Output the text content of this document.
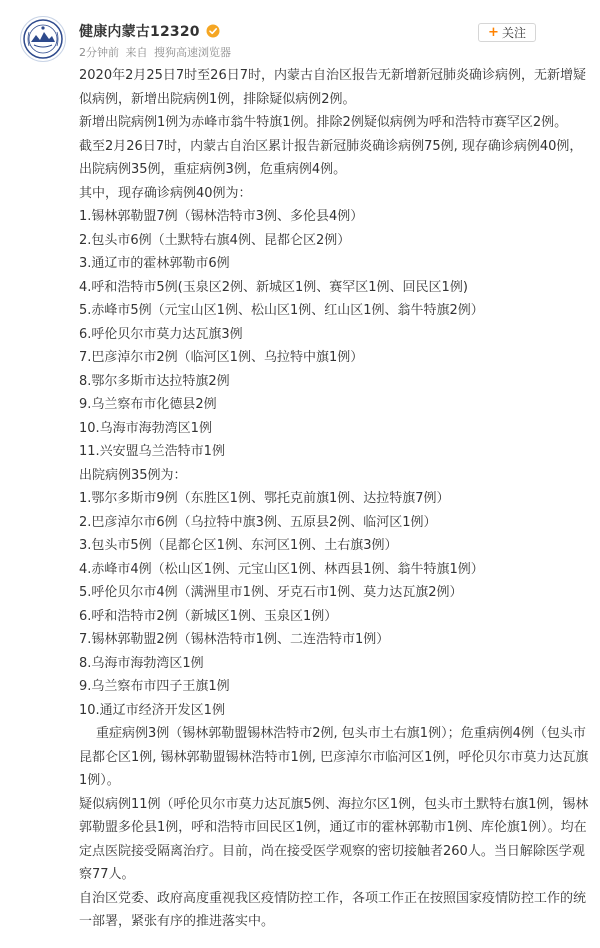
健康内蒙古12320
2分钟前 来自 搜狗高速浏览器
+ 关注

2020年2月25日7时至26日7时，内蒙古自治区报告无新增新冠肺炎确诊病例，无新增疑似病例，新增出院病例1例，排除疑似病例2例。

新增出院病例1例为赤峰市翁牛特旗1例。排除2例疑似病例为呼和浩特市赛罕区2例。

截至2月26日7时，内蒙古自治区累计报告新冠肺炎确诊病例75例, 现存确诊病例40例，出院病例35例，重症病例3例，危重病例4例。

其中，现存确诊病例40例为：

1.锡林郭勒盟7例（锡林浩特市3例、多伦县4例）

2.包头市6例（土默特右旗4例、昆都仑区2例）

3.通辽市的霍林郭勒市6例

4.呼和浩特市5例(玉泉区2例、新城区1例、赛罕区1例、回民区1例)

5.赤峰市5例（元宝山区1例、松山区1例、红山区1例、翁牛特旗2例）

6.呼伦贝尔市莫力达瓦旗3例

7.巴彦淖尔市2例（临河区1例、乌拉特中旗1例）

8.鄂尔多斯市达拉特旗2例

9.乌兰察布市化德县2例

10.乌海市海勃湾区1例

11.兴安盟乌兰浩特市1例

出院病例35例为：

1.鄂尔多斯市9例（东胜区1例、鄂托克前旗1例、达拉特旗7例）

2.巴彦淖尔市6例（乌拉特中旗3例、五原县2例、临河区1例）

3.包头市5例（昆都仑区1例、东河区1例、土右旗3例）

4.赤峰市4例（松山区1例、元宝山区1例、林西县1例、翁牛特旗1例）

5.呼伦贝尔市4例（满洲里市1例、牙克石市1例、莫力达瓦旗2例）

6.呼和浩特市2例（新城区1例、玉泉区1例）

7.锡林郭勒盟2例（锡林浩特市1例、二连浩特市1例）

8.乌海市海勃湾区1例

9.乌兰察布市四子王旗1例

10.通辽市经济开发区1例

重症病例3例（锡林郭勒盟锡林浩特市2例, 包头市土右旗1例）；危重病例4例（包头市昆都仑区1例, 锡林郭勒盟锡林浩特市1例, 巴彦淖尔市临河区1例，呼伦贝尔市莫力达瓦旗1例）。

疑似病例11例（呼伦贝尔市莫力达瓦旗5例、海拉尔区1例，包头市土默特右旗1例，锡林郭勒盟多伦县1例，呼和浩特市回民区1例，通辽市的霍林郭勒市1例、库伦旗1例）。均在定点医院接受隔离治疗。目前，尚在接受医学观察的密切接触者260人。当日解除医学观察77人。

自治区党委、政府高度重视我区疫情防控工作，各项工作正在按照国家疫情防控工作的统一部署，紧张有序的推进落实中。
